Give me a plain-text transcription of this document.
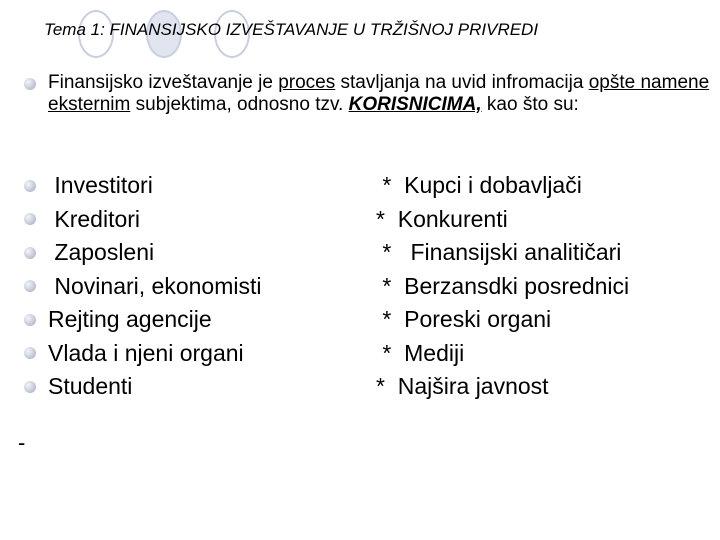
Tema 1: FINANSIJSKO IZVEŠTAVANJE U TRŽIŠNOJ PRIVREDI
Finansijsko izveštavanje je proces stavljanja na uvid infromacija opšte namene eksternim subjektima, odnosno tzv. KORISNICIMA, kao što su:
Investitori
Kreditori
Zaposleni
Novinari, ekonomisti
Rejting agencije
Vlada i njeni organi
Studenti
*  Kupci i dobavljači
*  Konkurenti
*   Finansijski analitičari
*  Berzansdki posrednici
*  Poreski organi
*  Mediji
*  Najšira javnost
-
